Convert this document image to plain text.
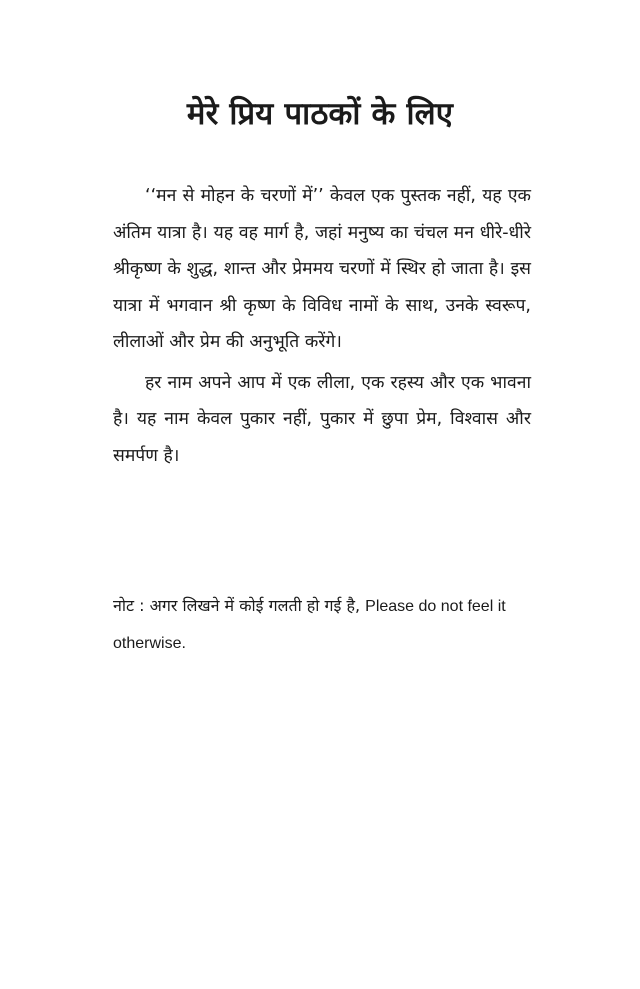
मेरे प्रिय पाठकों के लिए

‘‘मन से मोहन के चरणों में’’ केवल एक पुस्तक नहीं, यह एक अंतिम यात्रा है। यह वह मार्ग है, जहां मनुष्य का चंचल मन धीरे-धीरे श्रीकृष्ण के शुद्ध, शान्त और प्रेममय चरणों में स्थिर हो जाता है। इस यात्रा में भगवान श्री कृष्ण के विविध नामों के साथ, उनके स्वरूप, लीलाओं और प्रेम की अनुभूति करेंगे।

हर नाम अपने आप में एक लीला, एक रहस्य और एक भावना है। यह नाम केवल पुकार नहीं, पुकार में छुपा प्रेम, विश्वास और समर्पण है।

नोट : अगर लिखने में कोई गलती हो गई है, Please do not feel it otherwise.
